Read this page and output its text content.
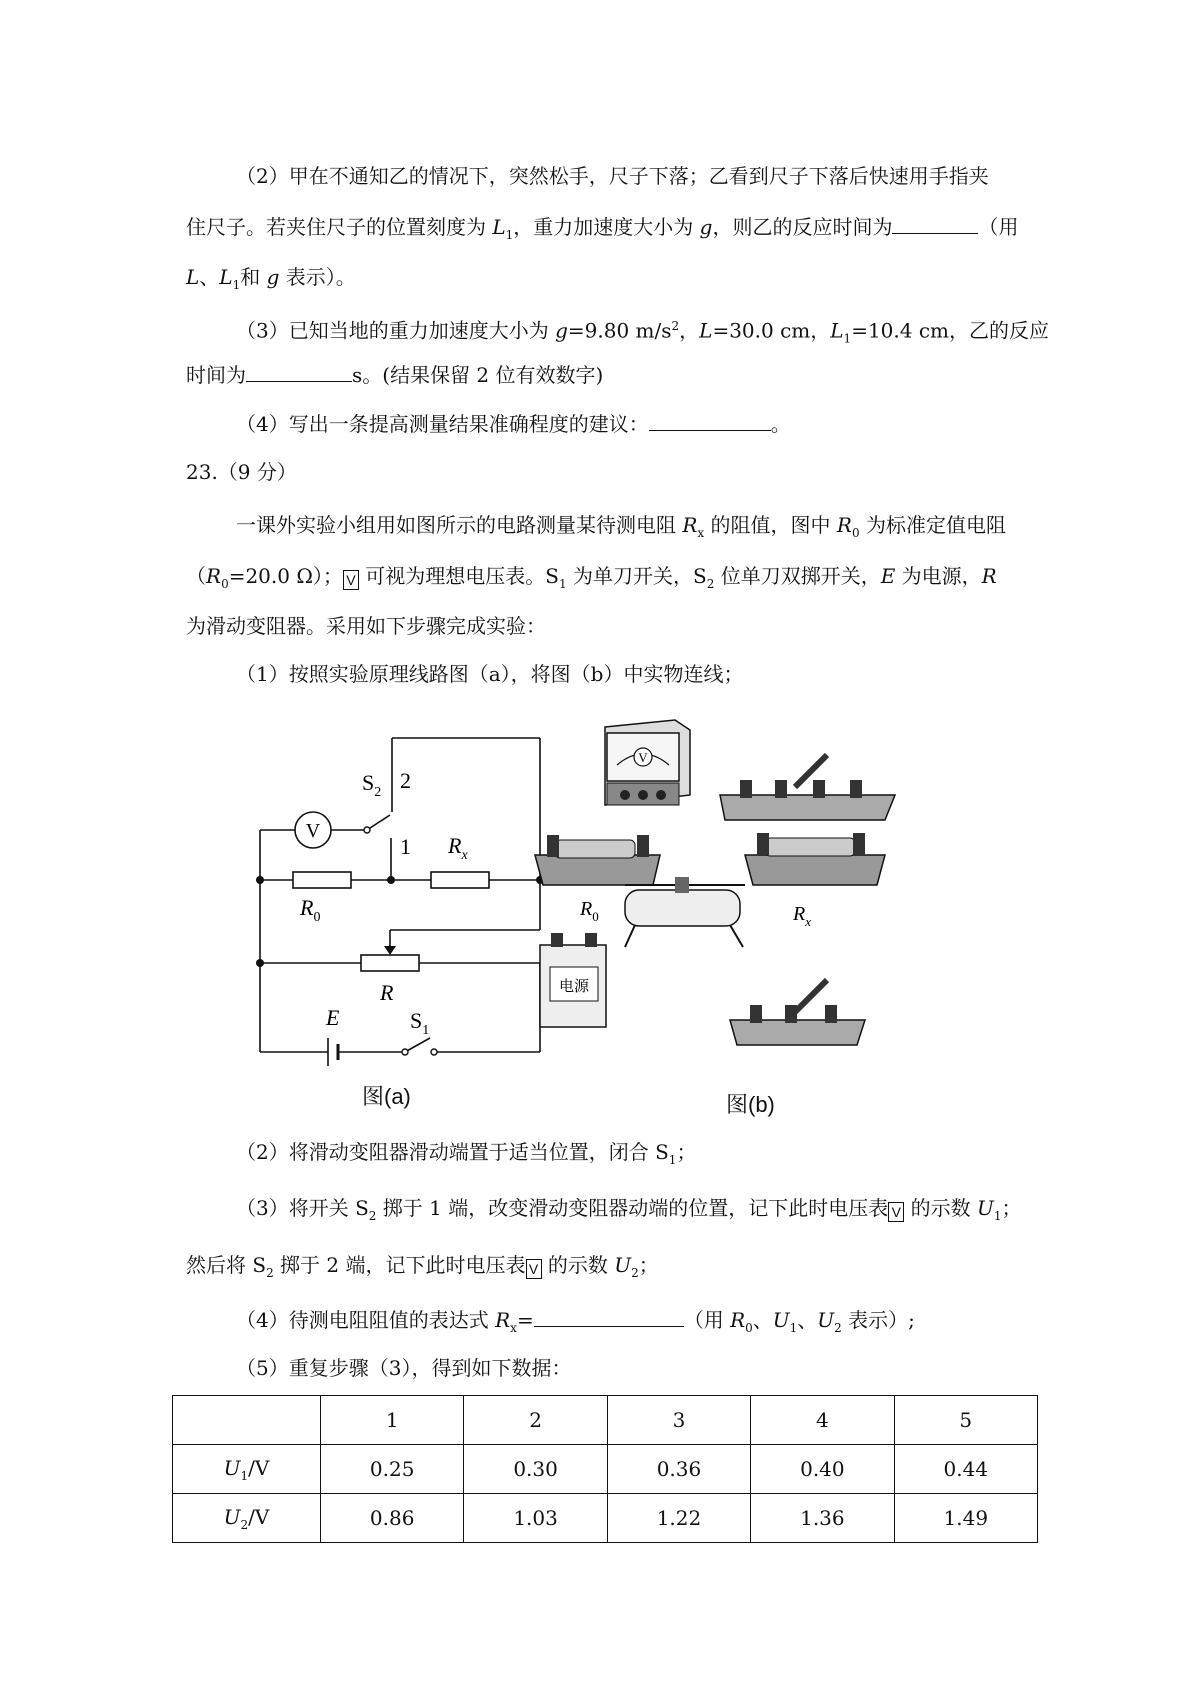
（2）甲在不通知乙的情况下，突然松手，尺子下落；乙看到尺子下落后快速用手指夹
住尺子。若夹住尺子的位置刻度为 $L_1$，重力加速度大小为 g，则乙的反应时间为	（用
L、$L_1$和 g 表示）。
（3）已知当地的重力加速度大小为 g=9.80 $m/s^2$，L=30.0 cm，$L_1=10.4$ cm，乙的反应
时间为	s。(结果保留 2 位有效数字)
（4）写出一条提高测量结果准确程度的建议：	。
23.（9 分）
一课外实验小组用如图所示的电路测量某待测电阻 $R_x$ 的阻值，图中 $R_0$ 为标准定值电阻
（$R_0=20.0$ Ω）； V 可视为理想电压表。$S_1$ 为单刀开关，$S_2$ 位单刀双掷开关，E 为电源，R
为滑动变阻器。采用如下步骤完成实验：
（1）按照实验原理线路图（a），将图（b）中实物连线；
V
$S_2$ 2
1 $R_x$
$R_0$
R
E	$S_1$
图(a)
V
$R_0$	$R_x$
电源
图(b)
（2）将滑动变阻器滑动端置于适当位置，闭合 $S_1$；
（3）将开关 $S_2$ 掷于 1 端，改变滑动变阻器动端的位置，记下此时电压表 V 的示数 $U_1$；
然后将 $S_2$ 掷于 2 端，记下此时电压表 V 的示数 $U_2$；
（4）待测电阻阻值的表达式 $R_x=$	（用 $R_0$、$U_1$、$U_2$ 表示）;
（5）重复步骤（3），得到如下数据：
	1	2	3	4	5
$U_1/V$	0.25	0.30	0.36	0.40	0.44
$U_2/V$	0.86	1.03	1.22	1.36	1.49
